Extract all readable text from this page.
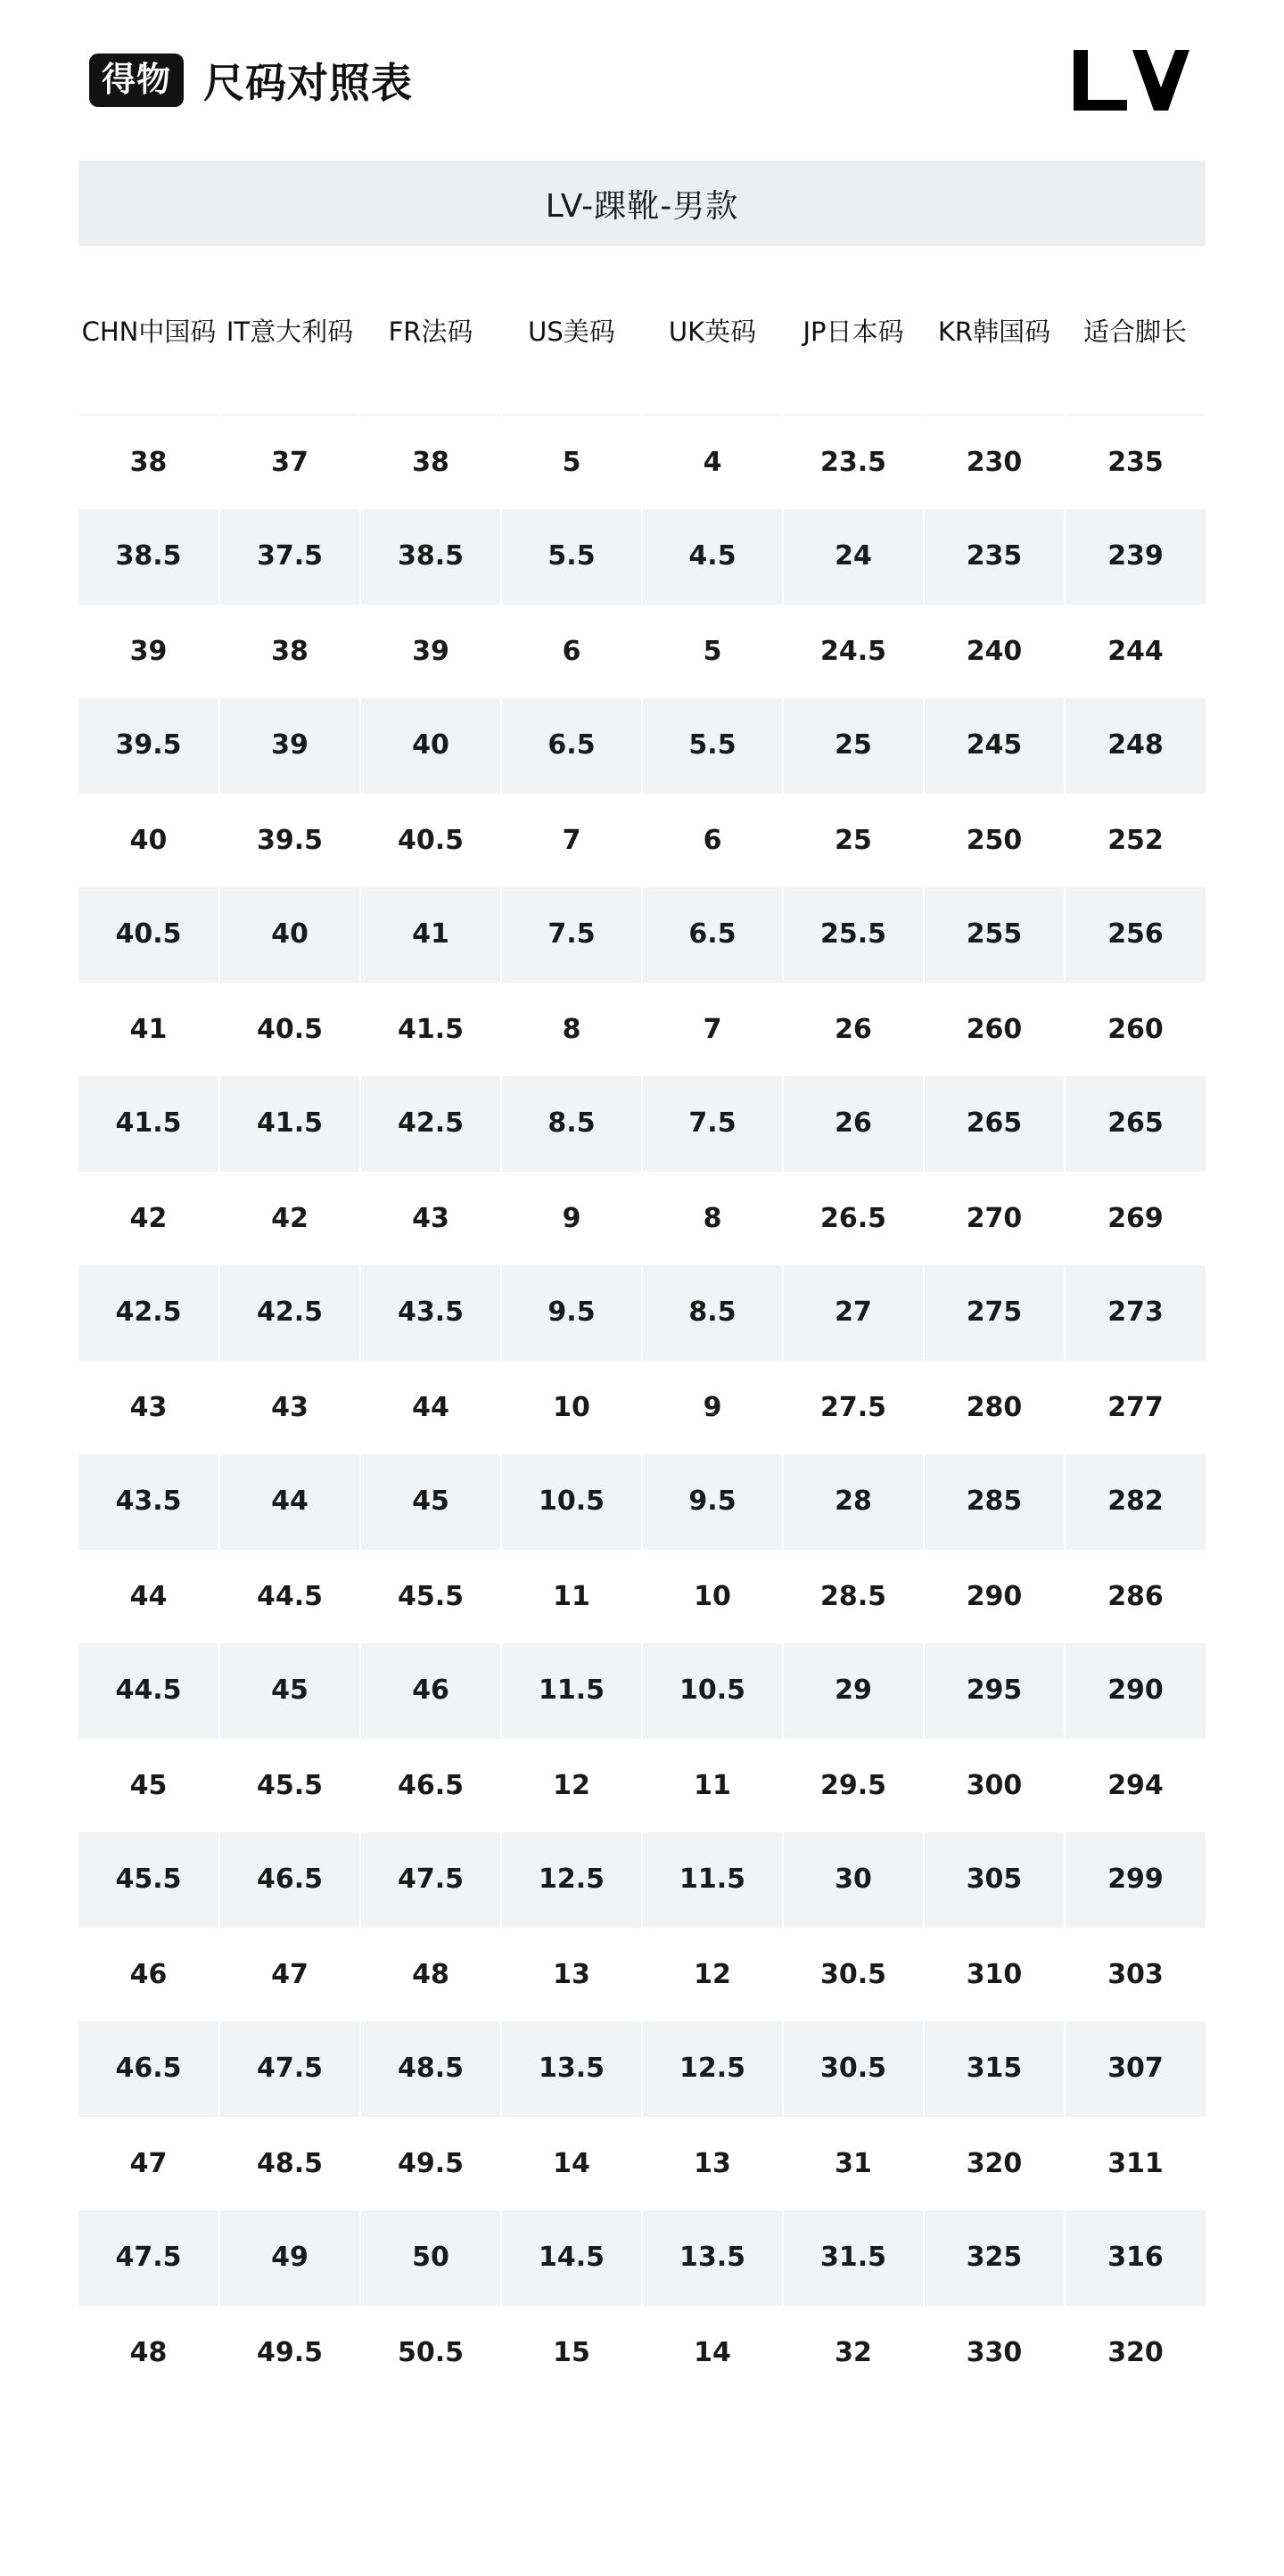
得物 尺码对照表
LV-踝靴-男款
CHN中国码	IT意大利码	FR法码	US美码	UK英码	JP日本码	KR韩国码	适合脚长
38	37	38	5	4	23.5	230	235
38.5	37.5	38.5	5.5	4.5	24	235	239
39	38	39	6	5	24.5	240	244
39.5	39	40	6.5	5.5	25	245	248
40	39.5	40.5	7	6	25	250	252
40.5	40	41	7.5	6.5	25.5	255	256
41	40.5	41.5	8	7	26	260	260
41.5	41.5	42.5	8.5	7.5	26	265	265
42	42	43	9	8	26.5	270	269
42.5	42.5	43.5	9.5	8.5	27	275	273
43	43	44	10	9	27.5	280	277
43.5	44	45	10.5	9.5	28	285	282
44	44.5	45.5	11	10	28.5	290	286
44.5	45	46	11.5	10.5	29	295	290
45	45.5	46.5	12	11	29.5	300	294
45.5	46.5	47.5	12.5	11.5	30	305	299
46	47	48	13	12	30.5	310	303
46.5	47.5	48.5	13.5	12.5	30.5	315	307
47	48.5	49.5	14	13	31	320	311
47.5	49	50	14.5	13.5	31.5	325	316
48	49.5	50.5	15	14	32	330	320
